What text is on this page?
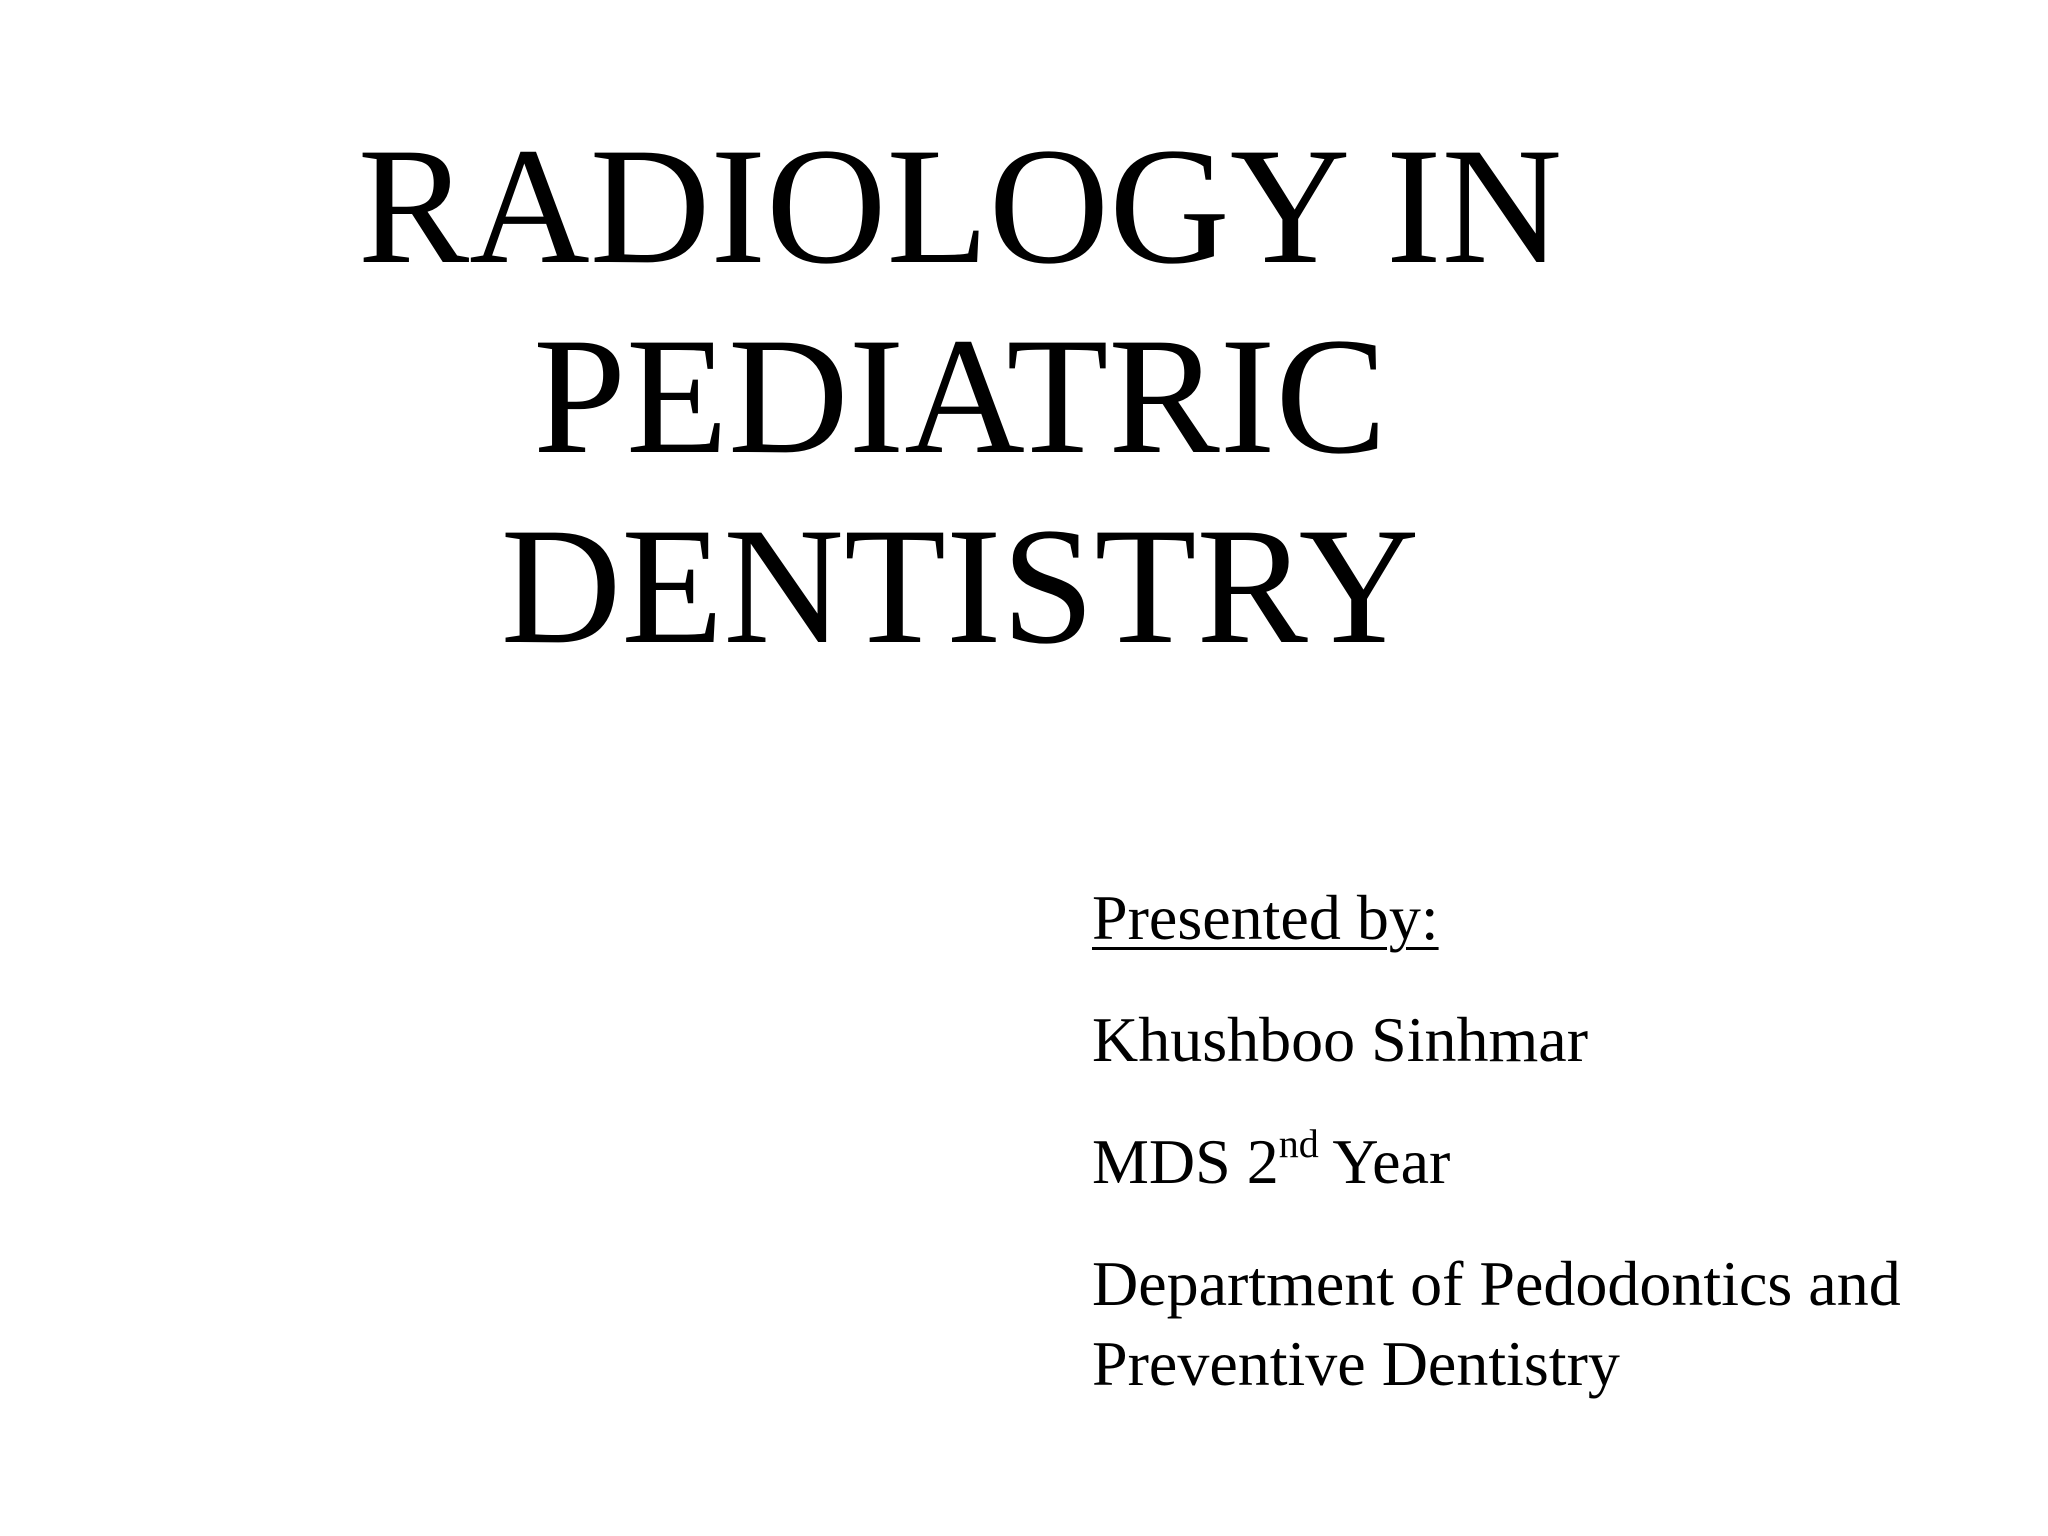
RADIOLOGY IN
PEDIATRIC
DENTISTRY
Presented by:
Khushboo Sinhmar
MDS 2nd Year
Department of Pedodontics and
Preventive Dentistry
